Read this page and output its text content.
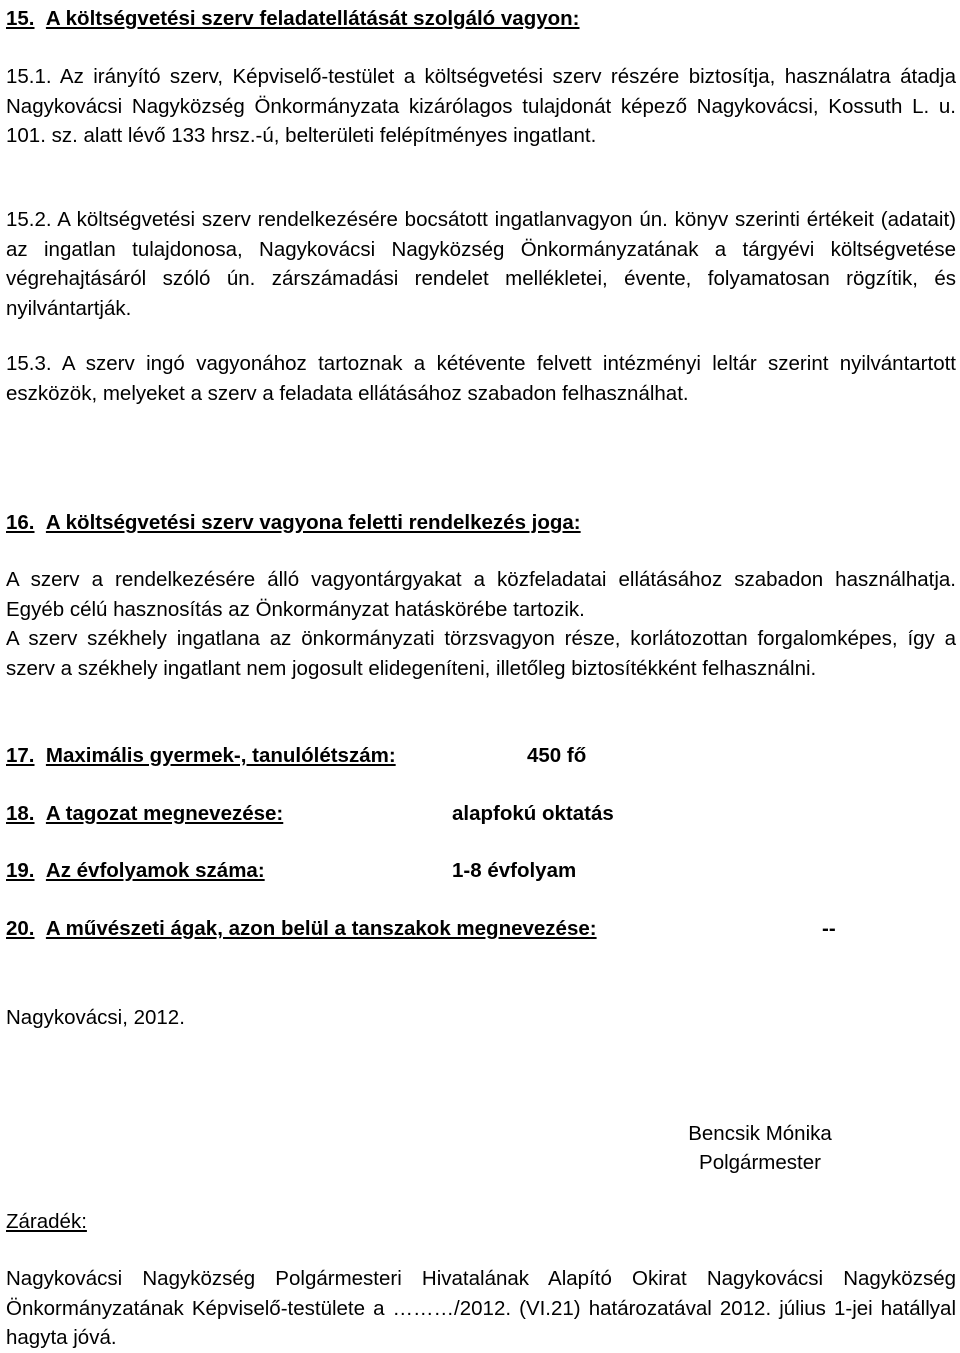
15. A költségvetési szerv feladatellátását szolgáló vagyon:

15.1. Az irányító szerv, Képviselő-testület a költségvetési szerv részére biztosítja, használatra átadja Nagykovácsi Nagyközség Önkormányzata kizárólagos tulajdonát képező Nagykovácsi, Kossuth L. u. 101. sz. alatt lévő 133 hrsz.-ú, belterületi felépítményes ingatlant.

15.2. A költségvetési szerv rendelkezésére bocsátott ingatlanvagyon ún. könyv szerinti értékeit (adatait) az ingatlan tulajdonosa, Nagykovácsi Nagyközség Önkormányzatának a tárgyévi költségvetése végrehajtásáról szóló ún. zárszámadási rendelet mellékletei, évente, folyamatosan rögzítik, és nyilvántartják.

15.3. A szerv ingó vagyonához tartoznak a kétévente felvett intézményi leltár szerint nyilvántartott eszközök, melyeket a szerv a feladata ellátásához szabadon felhasználhat.

16. A költségvetési szerv vagyona feletti rendelkezés joga:

A szerv a rendelkezésére álló vagyontárgyakat a közfeladatai ellátásához szabadon használhatja. Egyéb célú hasznosítás az Önkormányzat hatáskörébe tartozik.

A szerv székhely ingatlana az önkormányzati törzsvagyon része, korlátozottan forgalomképes, így a szerv a székhely ingatlant nem jogosult elidegeníteni, illetőleg biztosítékként felhasználni.

17. Maximális gyermek-, tanulólétszám:	450 fő
18. A tagozat megnevezése:	alapfokú oktatás
19. Az évfolyamok száma:	1-8 évfolyam
20. A művészeti ágak, azon belül a tanszakok megnevezése:	--
Nagykovácsi, 2012.
Bencsik Mónika
Polgármester
Záradék:

Nagykovácsi Nagyközség Polgármesteri Hivatalának Alapító Okirat Nagykovácsi Nagyközség Önkormányzatának Képviselő-testülete a ………/2012. (VI.21) határozatával 2012. július 1-jei hatállyal hagyta jóvá.
